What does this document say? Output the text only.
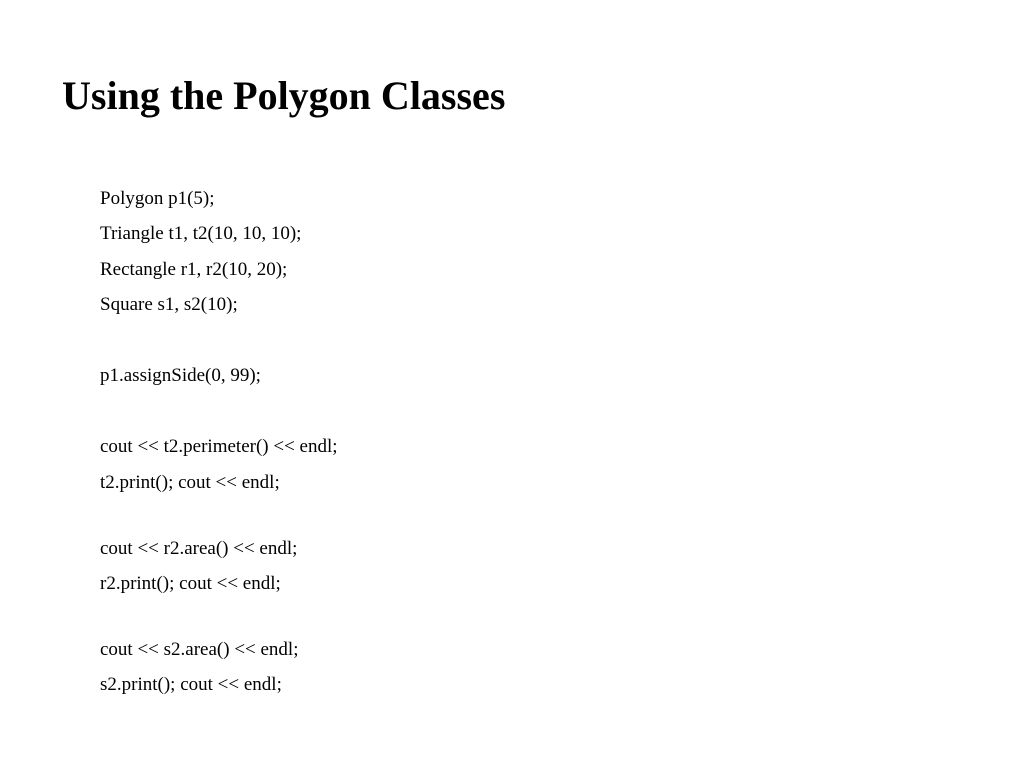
Using the Polygon Classes

Polygon p1(5);

Triangle t1, t2(10, 10, 10);

Rectangle r1, r2(10, 20);

Square s1, s2(10);

p1.assignSide(0, 99);

cout << t2.perimeter() << endl;

t2.print(); cout << endl;

cout << r2.area() << endl;

r2.print(); cout << endl;

cout << s2.area() << endl;

s2.print(); cout << endl;
